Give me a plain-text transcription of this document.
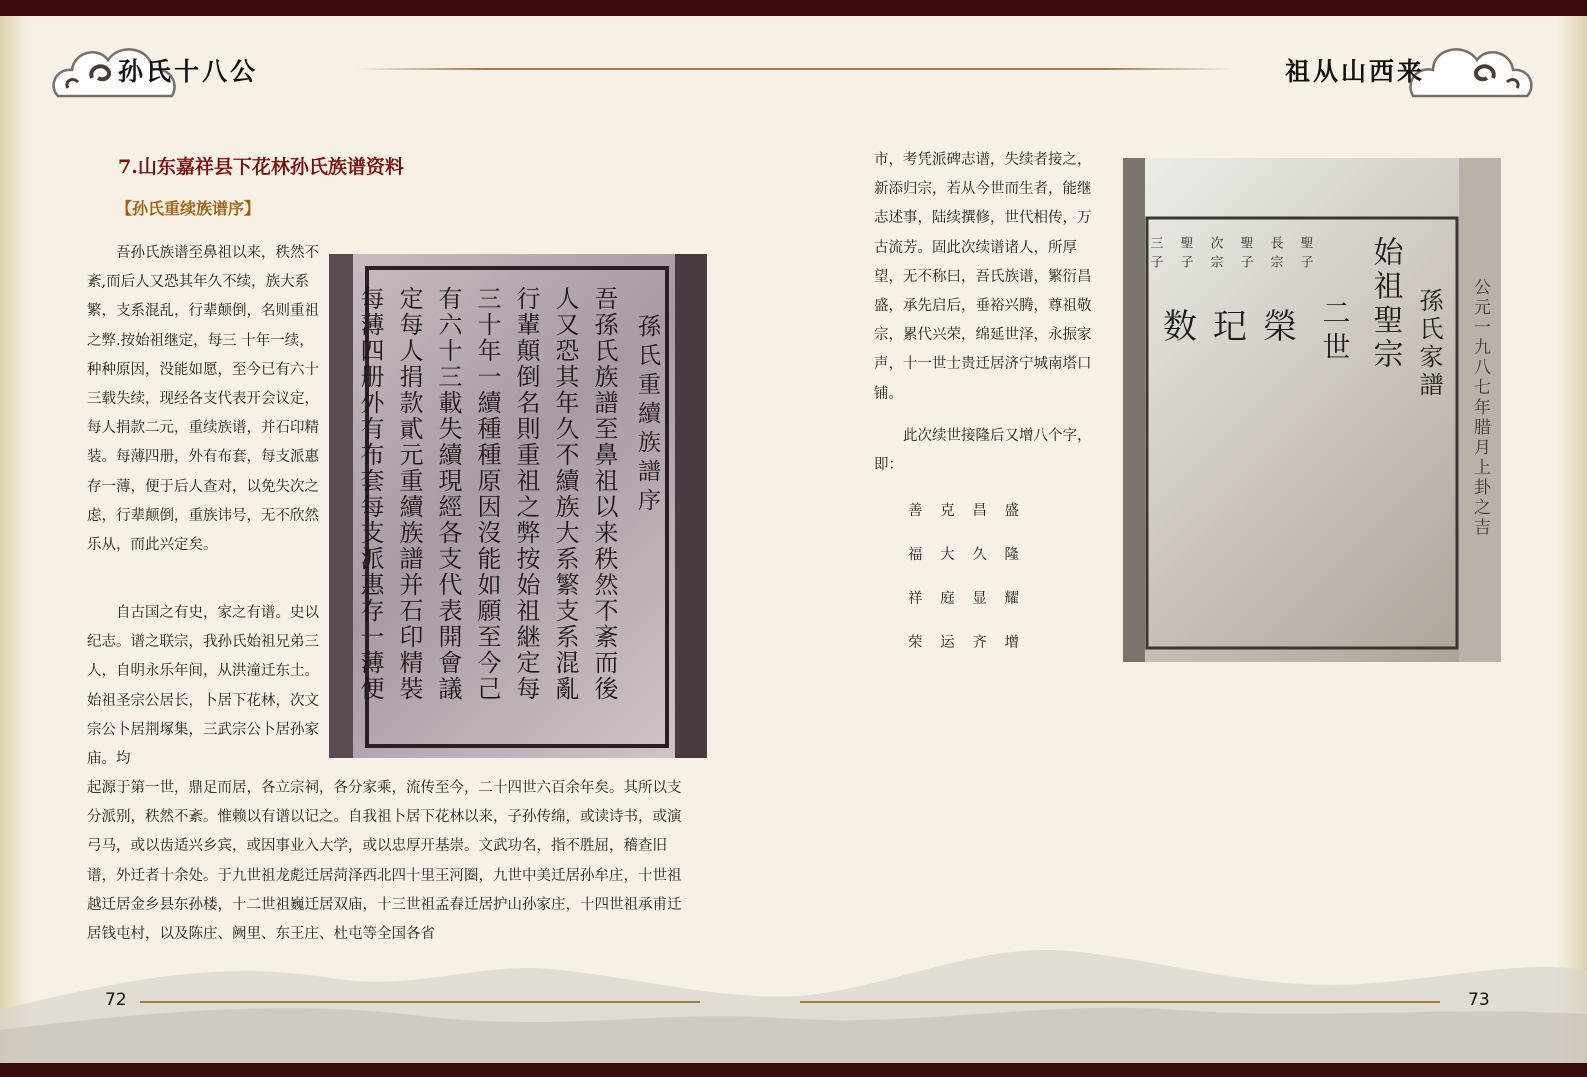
孙氏十八公	祖从山西来
7.山东嘉祥县下花林孙氏族谱资料
【孙氏重续族谱序】

吾孙氏族谱至鼻祖以来，秩然不紊,而后人又恐其年久不续，族大系繁，支系混乱，行辈颠倒，名则重祖之弊.按始祖继定，每三 十年一续，种种原因，没能如愿，至今已有六十三载失续，现经各支代表开会议定，每人捐款二元，重续族谱，并石印精装。每薄四册，外有布套，每支派惠存一薄，便于后人查对，以免失次之虑，行辈颠倒，重族讳号，无不欣然乐从，而此兴定矣。

自古国之有史，家之有谱。史以纪志。谱之联宗，我孙氏始祖兄弟三人，自明永乐年间，从洪潼迁东土。始祖圣宗公居长，卜居下花林，次文宗公卜居荆塚集，三武宗公卜居孙家庙。均

起源于第一世，鼎足而居，各立宗祠，各分家乘，流传至今，二十四世六百余年矣。其所以支分派别，秩然不紊。惟赖以有谱以记之。自我祖卜居下花林以来，子孙传绵，或读诗书，或演弓马，或以齿适兴乡宾，或因事业入大学，或以忠厚开基崇。文武功名，指不胜屈，稽查旧谱，外迁者十余处。于九世祖龙彪迁居菏泽西北四十里王河圈，九世中美迁居孙牟庄，十世祖越迁居金乡县东孙楼，十二世祖巍迁居双庙，十三世祖孟春迁居护山孙家庄，十四世祖承甫迁居钱屯村，以及陈庄、阙里、东王庄、杜屯等全国各省

孫氏重續族譜序
吾孫氏族譜至鼻祖以来秩然不紊而後
人又恐其年久不續族大系繁支系混亂
行輩顛倒名則重祖之弊按始祖継定每
三十年一續種種原因沒能如願至今己
有六十三載失續現經各支代表開會議
定每人捐款貳元重續族譜并石印精裝
每薄四册外有布套每支派惠存一薄便

市，考凭派碑志谱，失续者接之，新添归宗，若从今世而生者，能继志述事，陆续撰修，世代相传，万古流芳。固此次续谱诸人，所厚望，无不称曰，吾氏族谱，繁衍昌盛，承先启后，垂裕兴腾，尊祖敬宗，累代兴荣，绵延世泽，永振家声，十一世士贵迁居济宁城南塔口铺。

此次续世接隆后又增八个字，即：

善 克 昌 盛

福 大 久 隆

祥 庭 显 耀

荣 运 齐 增

孫氏家譜
始祖聖宗
二世
榮
玘
数	公元一九八七年腊月上卦之吉
聖子
長宗
聖子
次宗
聖子
三子
72	73
